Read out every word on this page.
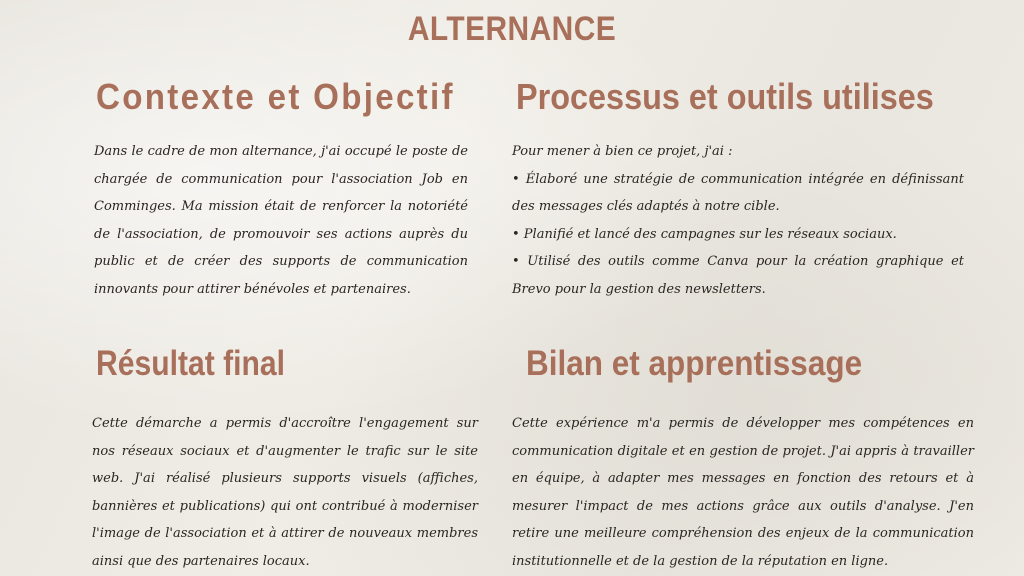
ALTERNANCE
Contexte et Objectif Processus et outils utilises
Résultat final	Bilan et apprentissage

Dans le cadre de mon alternance, j'ai occupé le poste de chargée de communication pour l'association Job en Comminges. Ma mission était de renforcer la notoriété de l'association, de promouvoir ses actions auprès du public et de créer des supports de communication innovants pour attirer bénévoles et partenaires.

Pour mener à bien ce projet, j'ai :
• Élaboré une stratégie de communication intégrée en définissant des messages clés adaptés à notre cible.
• Planifié et lancé des campagnes sur les réseaux sociaux.
• Utilisé des outils comme Canva pour la création graphique et Brevo pour la gestion des newsletters.

Cette démarche a permis d'accroître l'engagement sur nos réseaux sociaux et d'augmenter le trafic sur le site web. J'ai réalisé plusieurs supports visuels (affiches, bannières et publications) qui ont contribué à moderniser l'image de l'association et à attirer de nouveaux membres ainsi que des partenaires locaux.

Cette expérience m'a permis de développer mes compétences en communication digitale et en gestion de projet. J'ai appris à travailler en équipe, à adapter mes messages en fonction des retours et à mesurer l'impact de mes actions grâce aux outils d'analyse. J'en retire une meilleure compréhension des enjeux de la communication institutionnelle et de la gestion de la réputation en ligne.
